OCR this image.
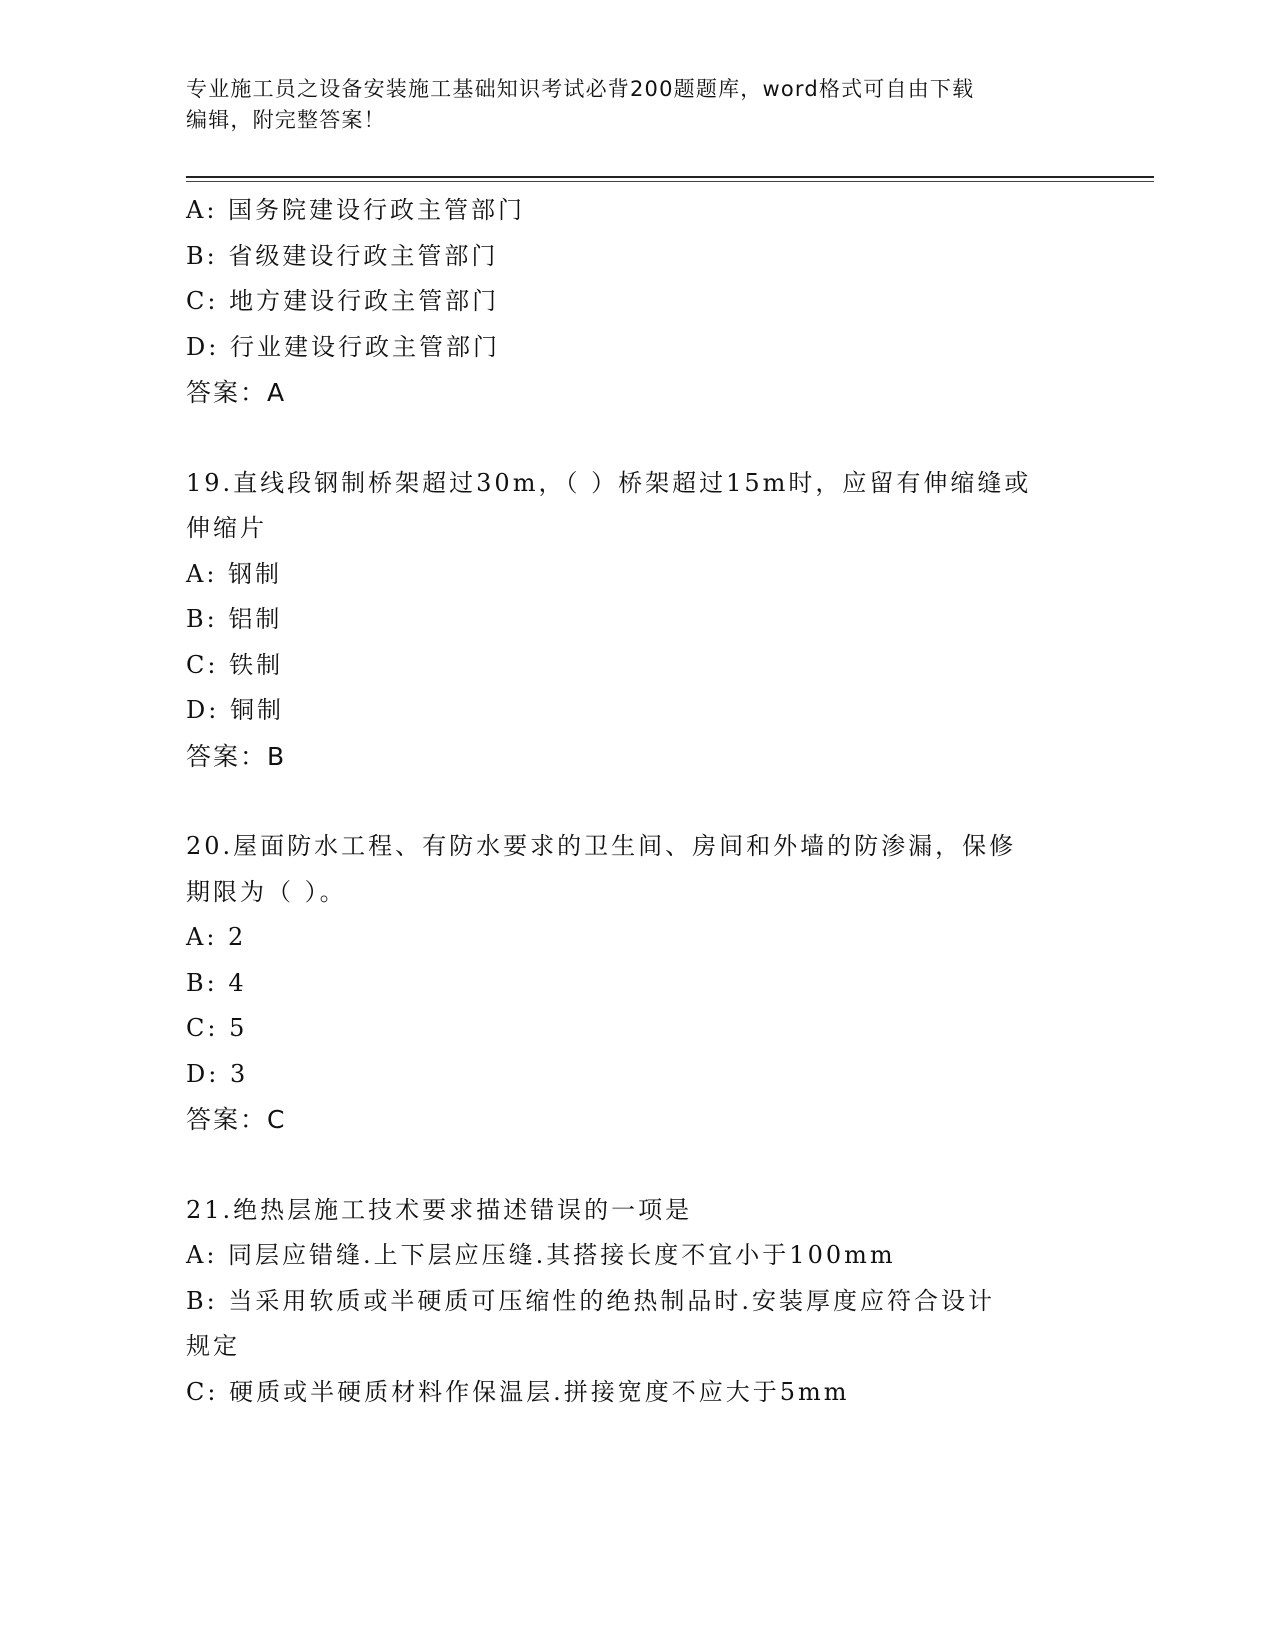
专业施工员之设备安装施工基础知识考试必背200题题库，word格式可自由下载
编辑，附完整答案！
A: 国务院建设行政主管部门
B: 省级建设行政主管部门
C: 地方建设行政主管部门
D: 行业建设行政主管部门
答案：A
19.直线段钢制桥架超过30m，（ ）桥架超过15m时，应留有伸缩缝或
伸缩片
A: 钢制
B: 铝制
C: 铁制
D: 铜制
答案：B
20.屋面防水工程、有防水要求的卫生间、房间和外墙的防渗漏，保修
期限为（ ）。
A: 2
B: 4
C: 5
D: 3
答案：C
21.绝热层施工技术要求描述错误的一项是
A: 同层应错缝.上下层应压缝.其搭接长度不宜小于100mm
B: 当采用软质或半硬质可压缩性的绝热制品时.安装厚度应符合设计
规定
C: 硬质或半硬质材料作保温层.拼接宽度不应大于5mm
